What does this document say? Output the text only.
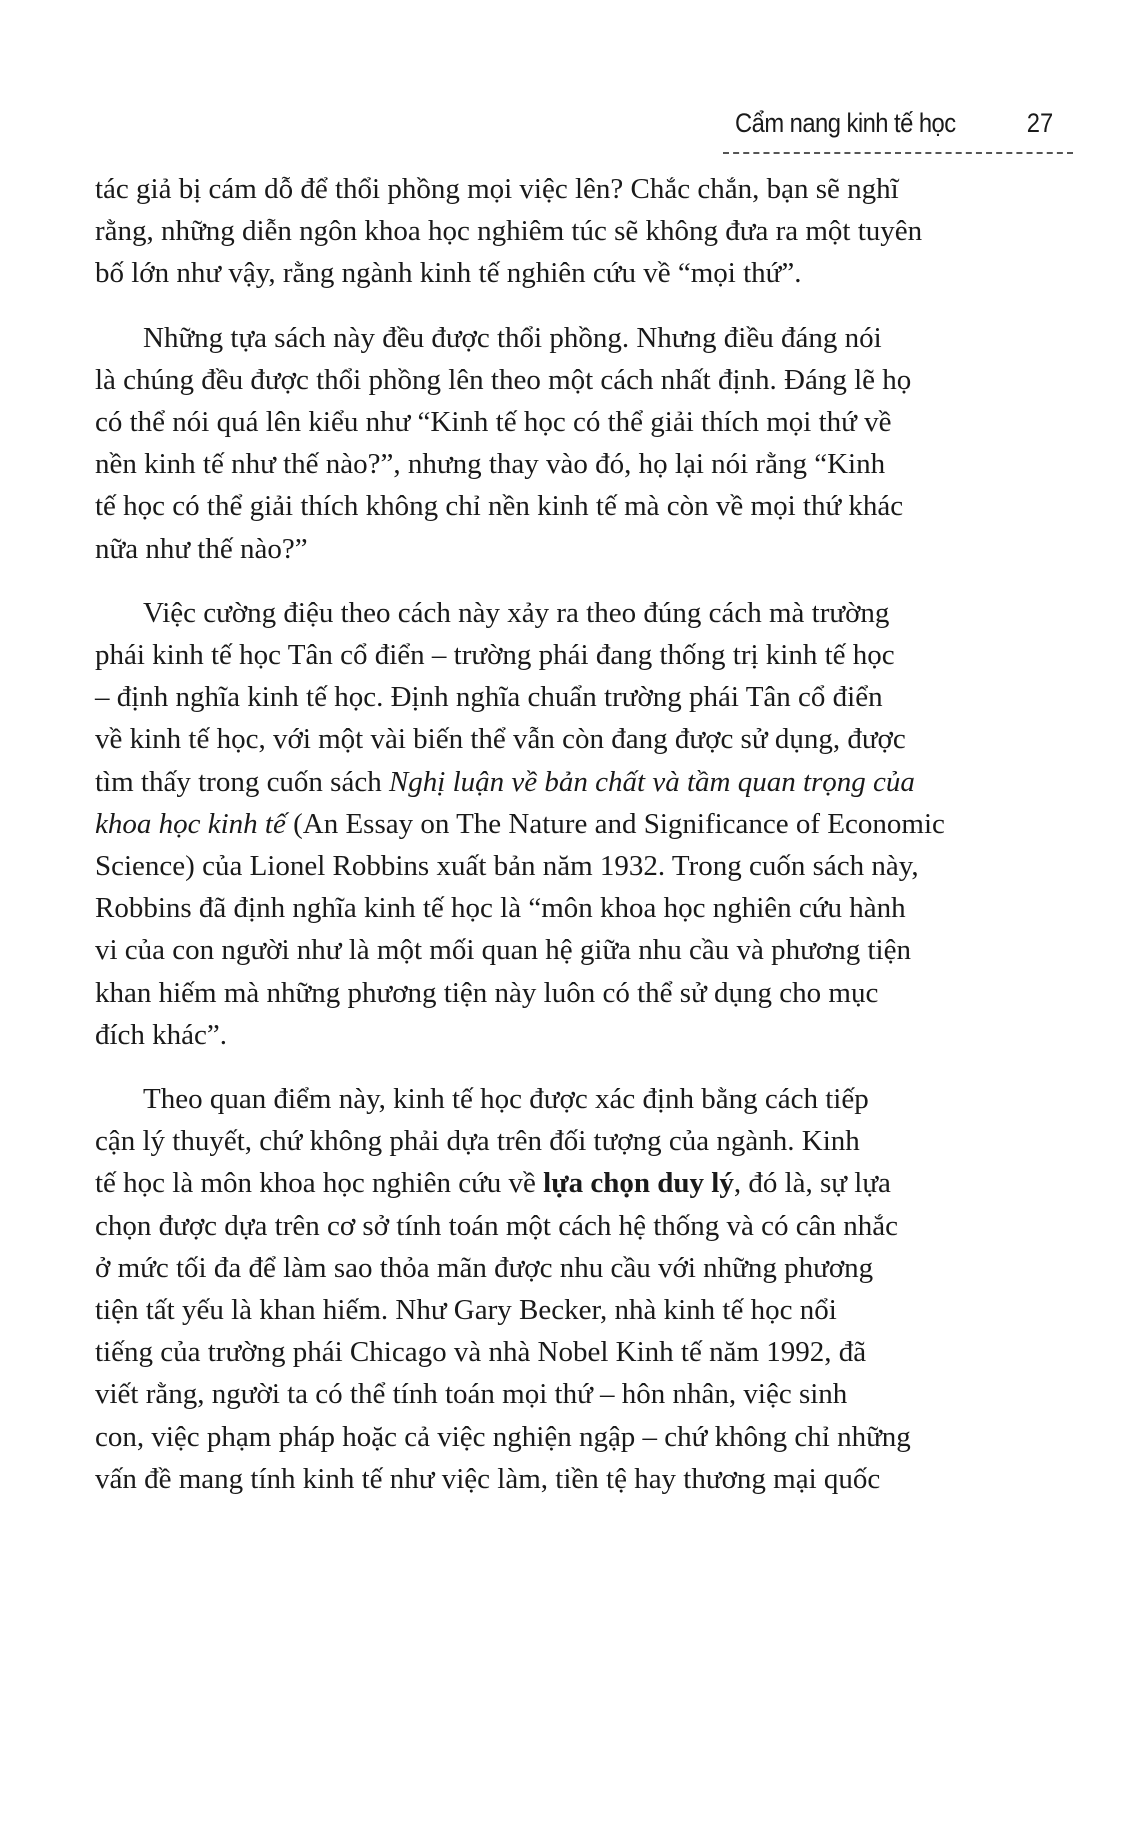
Cẩm nang kinh tế học	27

tác giả bị cám dỗ để thổi phồng mọi việc lên? Chắc chắn, bạn sẽ nghĩ
rằng, những diễn ngôn khoa học nghiêm túc sẽ không đưa ra một tuyên
bố lớn như vậy, rằng ngành kinh tế nghiên cứu về “mọi thứ”.

Những tựa sách này đều được thổi phồng. Nhưng điều đáng nói
là chúng đều được thổi phồng lên theo một cách nhất định. Đáng lẽ họ
có thể nói quá lên kiểu như “Kinh tế học có thể giải thích mọi thứ về
nền kinh tế như thế nào?”, nhưng thay vào đó, họ lại nói rằng “Kinh
tế học có thể giải thích không chỉ nền kinh tế mà còn về mọi thứ khác
nữa như thế nào?”

Việc cường điệu theo cách này xảy ra theo đúng cách mà trường
phái kinh tế học Tân cổ điển – trường phái đang thống trị kinh tế học
– định nghĩa kinh tế học. Định nghĩa chuẩn trường phái Tân cổ điển
về kinh tế học, với một vài biến thể vẫn còn đang được sử dụng, được
tìm thấy trong cuốn sách Nghị luận về bản chất và tầm quan trọng của
khoa học kinh tế (An Essay on The Nature and Significance of Economic
Science) của Lionel Robbins xuất bản năm 1932. Trong cuốn sách này,
Robbins đã định nghĩa kinh tế học là “môn khoa học nghiên cứu hành
vi của con người như là một mối quan hệ giữa nhu cầu và phương tiện
khan hiếm mà những phương tiện này luôn có thể sử dụng cho mục
đích khác”.

Theo quan điểm này, kinh tế học được xác định bằng cách tiếp
cận lý thuyết, chứ không phải dựa trên đối tượng của ngành. Kinh
tế học là môn khoa học nghiên cứu về lựa chọn duy lý, đó là, sự lựa
chọn được dựa trên cơ sở tính toán một cách hệ thống và có cân nhắc
ở mức tối đa để làm sao thỏa mãn được nhu cầu với những phương
tiện tất yếu là khan hiếm. Như Gary Becker, nhà kinh tế học nổi
tiếng của trường phái Chicago và nhà Nobel Kinh tế năm 1992, đã
viết rằng, người ta có thể tính toán mọi thứ – hôn nhân, việc sinh
con, việc phạm pháp hoặc cả việc nghiện ngập – chứ không chỉ những
vấn đề mang tính kinh tế như việc làm, tiền tệ hay thương mại quốc
